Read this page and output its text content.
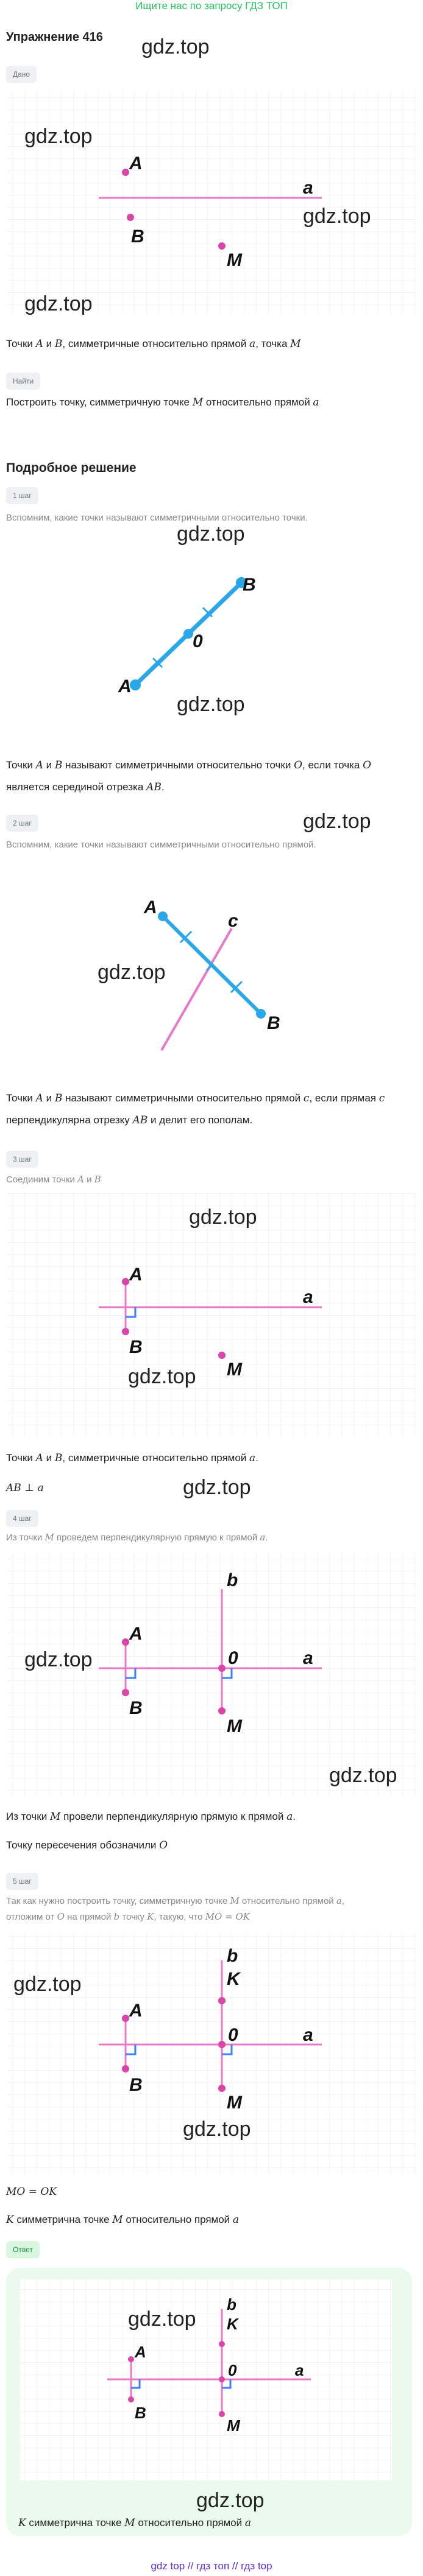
Ищите нас по запросу ГДЗ ТОП
Упражнение 416
Дано
A
B
M
a
gdz.top
gdz.top
gdz.top
gdz.top
Точки A и B, симметричные относительно прямой a, точка M
Найти
Построить точку, симметричную точке M относительно прямой a
Подробное решение
1 шаг
Вспомним, какие точки называют симметричными относительно точки.
gdz.top
A
B
0
gdz.top
Точки A и B называют симметричными относительно точки O, если точка O
является серединой отрезка AB.
2 шаг
Вспомним, какие точки называют симметричными относительно прямой.
gdz.top
A
B
c
gdz.top
Точки A и B называют симметричными относительно прямой c, если прямая c
перпендикулярна отрезку AB и делит его пополам.
3 шаг
Соединим точки A и B
A
B
M
a
gdz.top
gdz.top
Точки A и B, симметричные относительно прямой a.
AB ⊥ a	gdz.top
4 шаг
Из точки M проведем перпендикулярную прямую к прямой a.
A
B
b
0
M
a
gdz.top
gdz.top
Из точки M провели перпендикулярную прямую к прямой a.
Точку пересечения обозначили O
5 шаг
Так как нужно построить точку, симметричную точке M относительно прямой a,
отложим от O на прямой b точку K, такую, что MO = OK
A
B
b
K
0
M
a
gdz.top
gdz.top
MO = OK
K симметрична точке M относительно прямой a
Ответ
A
B
b
K
0
M
a
gdz.top
gdz.top
K симметрична точке M относительно прямой a
gdz top // гдз топ // гдз top
